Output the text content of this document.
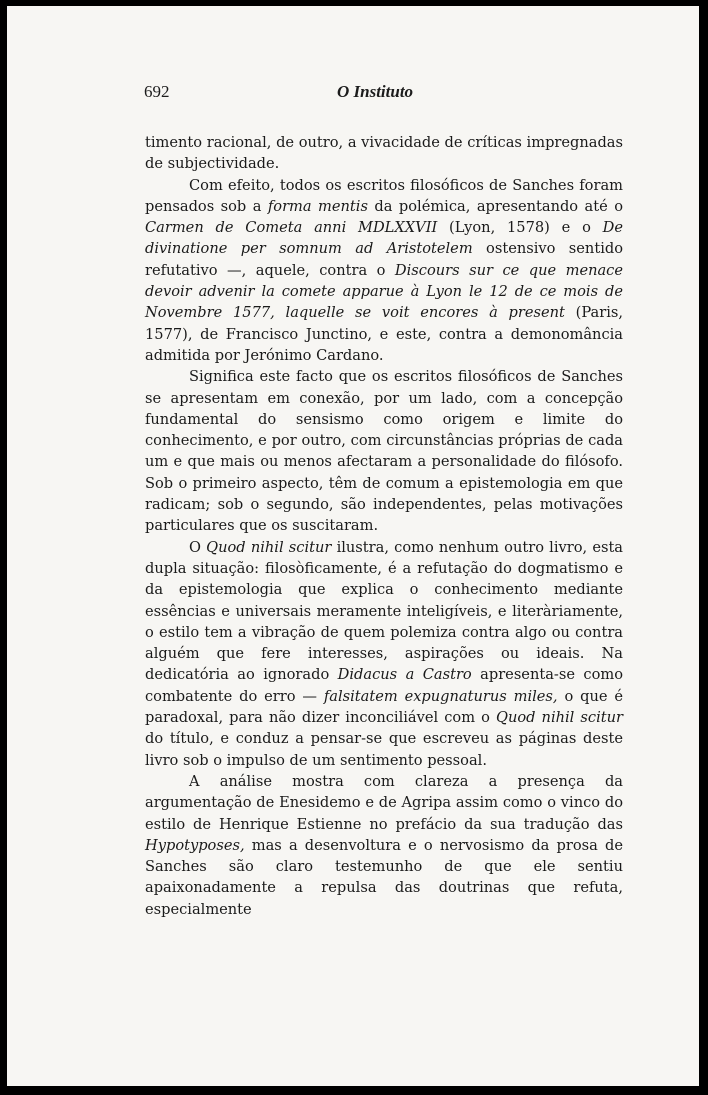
692	O Instituto

timento racional, de outro, a vivacidade de críticas impregnadas de subjectividade.

Com efeito, todos os escritos filosóficos de Sanches foram pensados sob a forma mentis da polémica, apresentando até o Carmen de Cometa anni MDLXXVII (Lyon, 1578) e o De divinatione per somnum ad Aristotelem ostensivo sentido refutativo —, aquele, contra o Discours sur ce que menace devoir advenir la comete apparue à Lyon le 12 de ce mois de Novembre 1577, laquelle se voit encores à present (Paris, 1577), de Francisco Junctino, e este, contra a demonomância admitida por Jerónimo Cardano.

Significa este facto que os escritos filosóficos de Sanches se apresentam em conexão, por um lado, com a concepção fundamental do sensismo como origem e limite do conhecimento, e por outro, com circunstâncias próprias de cada um e que mais ou menos afectaram a personalidade do filósofo. Sob o primeiro aspecto, têm de comum a epistemologia em que radicam; sob o segundo, são independentes, pelas motivações particulares que os suscitaram.

O Quod nihil scitur ilustra, como nenhum outro livro, esta dupla situação: filosòficamente, é a refutação do dogmatismo e da epistemologia que explica o conhecimento mediante essências e universais meramente inteligíveis, e literàriamente, o estilo tem a vibração de quem polemiza contra algo ou contra alguém que fere interesses, aspirações ou ideais. Na dedicatória ao ignorado Didacus a Castro apresenta-se como combatente do erro — falsitatem expugnaturus miles, o que é paradoxal, para não dizer inconciliável com o Quod nihil scitur do título, e conduz a pensar-se que escreveu as páginas deste livro sob o impulso de um sentimento pessoal.

A análise mostra com clareza a presença da argumentação de Enesidemo e de Agripa assim como o vinco do estilo de Henrique Estienne no prefácio da sua tradução das Hypotyposes, mas a desenvoltura e o nervosismo da prosa de Sanches são claro testemunho de que ele sentiu apaixonadamente a repulsa das doutrinas que refuta, especialmente
